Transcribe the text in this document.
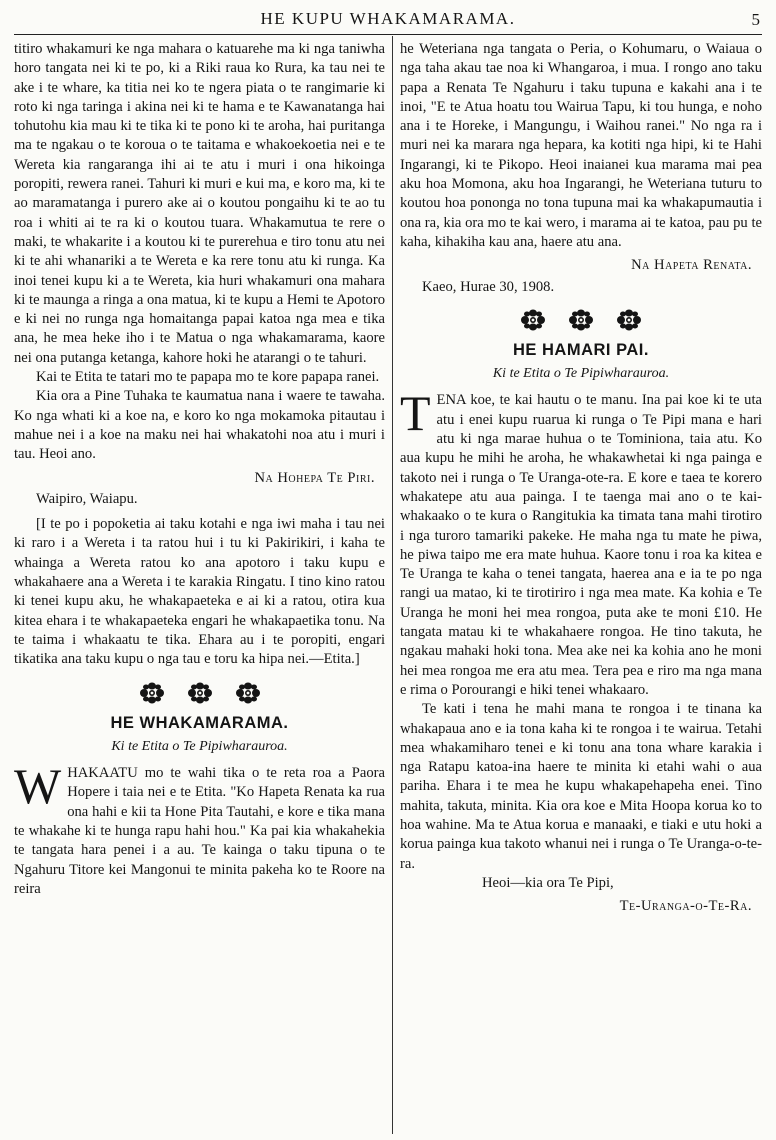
HE KUPU WHAKAMARAMA.	5

titiro whakamuri ke nga mahara o katuarehe ma ki nga taniwha horo tangata nei ki te po, ki a Riki raua ko Rura, ka tau nei te ake i te whare, ka titia nei ko te ngera piata o te rangimarie ki roto ki nga taringa i akina nei ki te hama e te Kawanatanga hai tohutohu kia mau ki te tika ki te pono ki te aroha, hai puritanga ma te ngakau o te koroua o te taitama e whakoekoetia nei e te Wereta kia rangaranga ihi ai te atu i muri i ona hikoinga poropiti, rewera ranei. Tahuri ki muri e kui ma, e koro ma, ki te ao maramatanga i purero ake ai o koutou pongaihu ki te ao tu roa i whiti ai te ra ki o koutou tuara. Whakamutua te rere o maki, te whakarite i a koutou ki te purerehua e tiro tonu atu nei ki te ahi whanariki a te Wereta e ka rere tonu atu ki runga. Ka inoi tenei kupu ki a te Wereta, kia huri whakamuri ona mahara ki te maunga a ringa a ona matua, ki te kupu a Hemi te Apotoro e ki nei no runga nga homaitanga papai katoa nga mea e tika ana, he mea heke iho i te Matua o nga whakamarama, kaore nei ona putanga ketanga, kahore hoki he atarangi o te tahuri.

Kai te Etita te tatari mo te papapa mo te kore papapa ranei.

Kia ora a Pine Tuhaka te kaumatua nana i waere te tawaha. Ko nga whati ki a koe na, e koro ko nga mokamoka pitautau i mahue nei i a koe na maku nei hai whakatohi noa atu i muri i tau. Heoi ano.

Na Hohepa Te Piri.

Waipiro, Waiapu.

[I te po i popoketia ai taku kotahi e nga iwi maha i tau nei ki raro i a Wereta i ta ratou hui i tu ki Pakirikiri, i kaha te whainga a Wereta ratou ko ana apotoro i taku kupu e whakahaere ana a Wereta i te karakia Ringatu. I tino kino ratou ki tenei kupu aku, he whakapaeteka e ai ki a ratou, otira kua kitea ehara i te whakapaeteka engari he whakapaetika tonu. Na te taima i whakaatu te tika. Ehara au i te poropiti, engari tikatika ana taku kupu o nga tau e toru ka hipa nei.—Etita.]

HE WHAKAMARAMA.
Ki te Etita o Te Pipiwharauroa.

WHAKAATU mo te wahi tika o te reta roa a Paora Hopere i taia nei e te Etita. "Ko Hapeta Renata ka rua ona hahi e kii ta Hone Pita Tautahi, e kore e tika mana te whakahe ki te hunga rapu hahi hou." Ka pai kia whakahekia te tangata hara penei i a au. Te kainga o taku tipuna o te Ngahuru Titore kei Mangonui te minita pakeha ko te Roore na reira

he Weteriana nga tangata o Peria, o Kohumaru, o Waiaua o nga taha akau tae noa ki Whangaroa, i mua. I rongo ano taku papa a Renata Te Ngahuru i taku tupuna e kakahi ana i te inoi, "E te Atua hoatu tou Wairua Tapu, ki tou hunga, e noho ana i te Horeke, i Mangungu, i Waihou ranei." No nga ra i muri nei ka marara nga hepara, ka kotiti nga hipi, ki te Hahi Ingarangi, ki te Pikopo. Heoi inaianei kua marama mai pea aku hoa Momona, aku hoa Ingarangi, he Weteriana tuturu to koutou hoa pononga no tona tupuna mai ka whakapumautia i ona ra, kia ora mo te kai wero, i marama ai te katoa, pau pu te kaha, kihakiha kau ana, haere atu ana.

Na Hapeta Renata.

Kaeo, Hurae 30, 1908.

HE HAMARI PAI.
Ki te Etita o Te Pipiwharauroa.

TENA koe, te kai hautu o te manu. Ina pai koe ki te uta atu i enei kupu ruarua ki runga o Te Pipi mana e hari atu ki nga marae huhua o te Tominiona, taia atu. Ko aua kupu he mihi he aroha, he whakawhetai ki nga painga e takoto nei i runga o Te Uranga-ote-ra. E kore e taea te korero whakatepe atu aua painga. I te taenga mai ano o te kai-whakaako o te kura o Rangitukia ka timata tana mahi tirotiro i nga turoro tamariki pakeke. He maha nga tu mate he piwa, he piwa taipo me era mate huhua. Kaore tonu i roa ka kitea e Te Uranga te kaha o tenei tangata, haerea ana e ia te po nga rangi ua matao, ki te tirotiriro i nga mea mate. Ka kohia e Te Uranga he moni hei mea rongoa, puta ake te moni £10. He tangata matau ki te whakahaere rongoa. He tino takuta, he ngakau mahaki hoki tona. Mea ake nei ka kohia ano he moni hei mea rongoa me era atu mea. Tera pea e riro ma nga mana e rima o Porourangi e hiki tenei whakaaro.

Te kati i tena he mahi mana te rongoa i te tinana ka whakapaua ano e ia tona kaha ki te rongoa i te wairua. Tetahi mea whakamiharo tenei e ki tonu ana tona whare karakia i nga Ratapu katoa-ina haere te minita ki etahi wahi o aua pariha. Ehara i te mea he kupu whakapehapeha enei. Tino mahita, takuta, minita. Kia ora koe e Mita Hoopa korua ko to hoa wahine. Ma te Atua korua e manaaki, e tiaki e utu hoki a korua painga kua takoto whanui nei i runga o Te Uranga-o-te-ra.

Heoi—kia ora Te Pipi,

Te-Uranga-o-Te-Ra.
